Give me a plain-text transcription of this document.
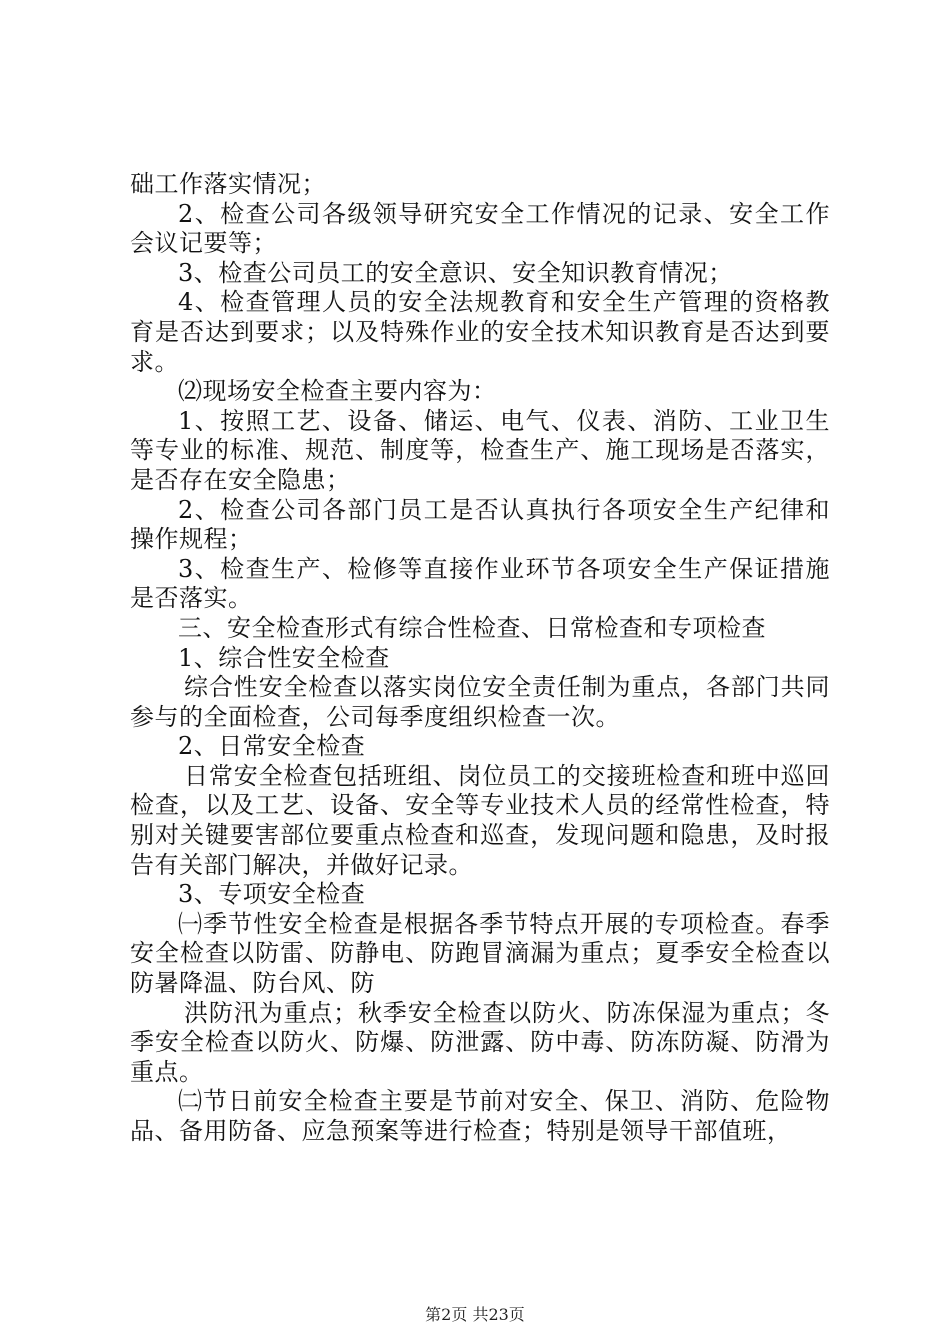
础工作落实情况；

2、检查公司各级领导研究安全工作情况的记录、安全工作会议记要等；

3、检查公司员工的安全意识、安全知识教育情况；

4、检查管理人员的安全法规教育和安全生产管理的资格教育是否达到要求；以及特殊作业的安全技术知识教育是否达到要求。

⑵现场安全检查主要内容为：

1、按照工艺、设备、储运、电气、仪表、消防、工业卫生等专业的标准、规范、制度等，检查生产、施工现场是否落实，是否存在安全隐患；

2、检查公司各部门员工是否认真执行各项安全生产纪律和操作规程；

3、检查生产、检修等直接作业环节各项安全生产保证措施是否落实。

三、安全检查形式有综合性检查、日常检查和专项检查

1、综合性安全检查

综合性安全检查以落实岗位安全责任制为重点，各部门共同参与的全面检查，公司每季度组织检查一次。

2、日常安全检查

日常安全检查包括班组、岗位员工的交接班检查和班中巡回检查，以及工艺、设备、安全等专业技术人员的经常性检查，特别对关键要害部位要重点检查和巡查，发现问题和隐患，及时报告有关部门解决，并做好记录。

3、专项安全检查

㈠季节性安全检查是根据各季节特点开展的专项检查。春季安全检查以防雷、防静电、防跑冒滴漏为重点；夏季安全检查以防暑降温、防台风、防

洪防汛为重点；秋季安全检查以防火、防冻保湿为重点；冬季安全检查以防火、防爆、防泄露、防中毒、防冻防凝、防滑为重点。

㈡节日前安全检查主要是节前对安全、保卫、消防、危险物品、备用防备、应急预案等进行检查；特别是领导干部值班，

第2页 共23页
